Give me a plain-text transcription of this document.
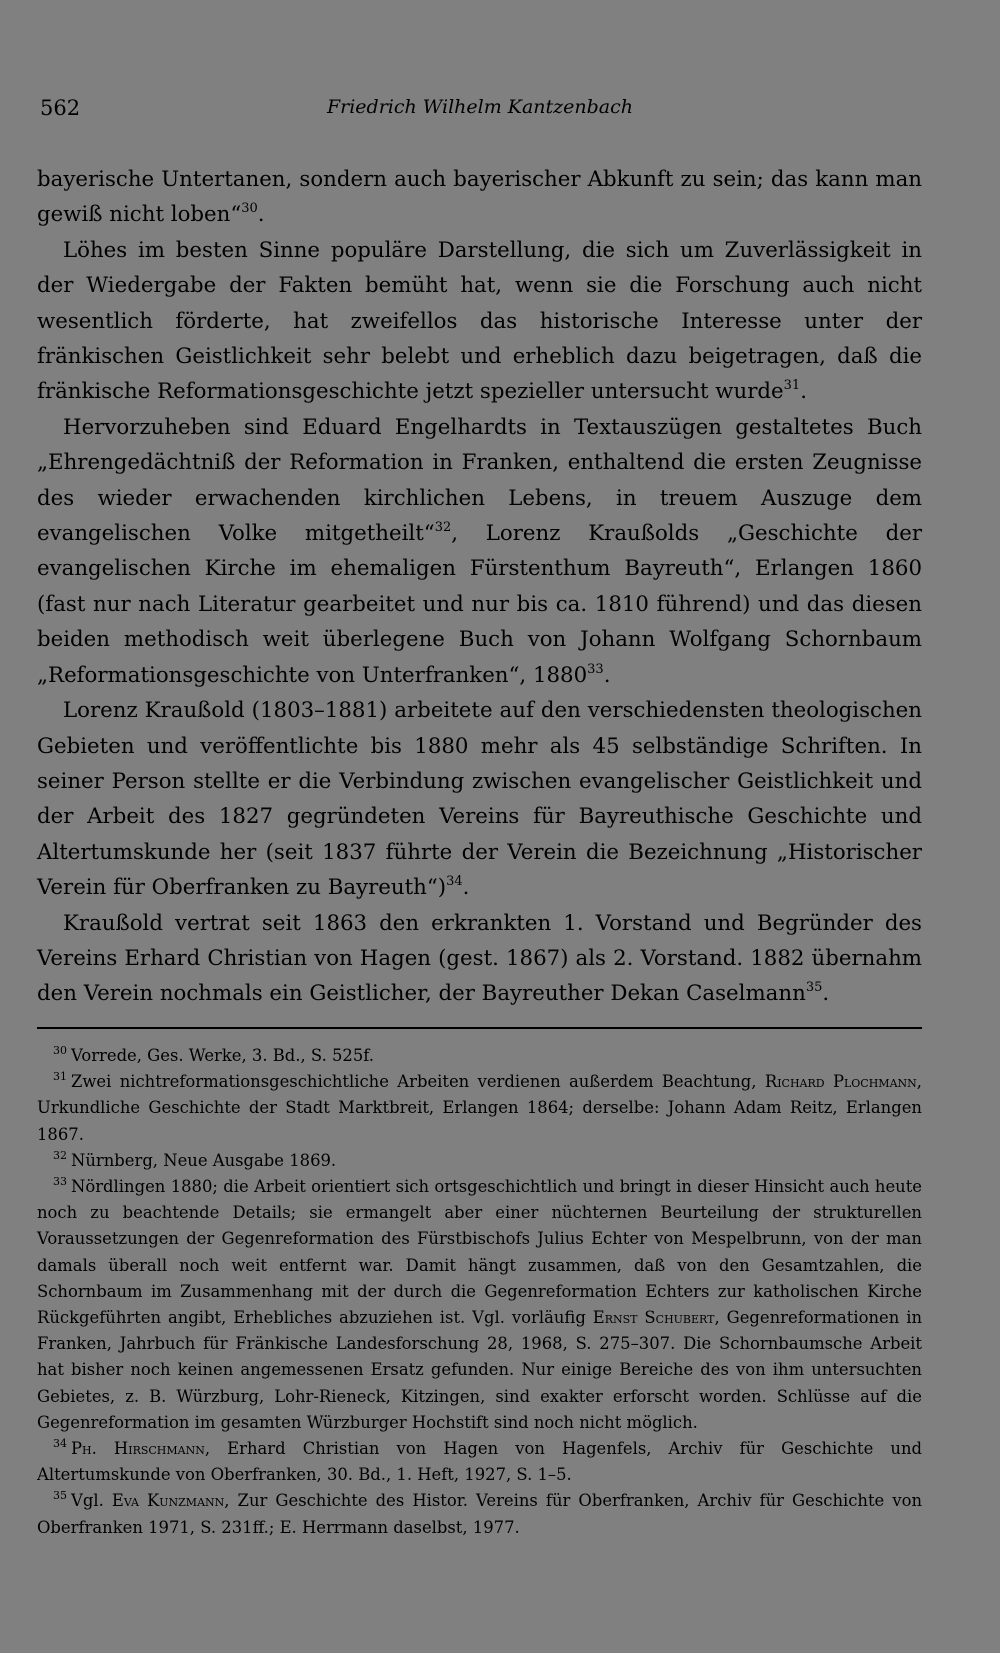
562	Friedrich Wilhelm Kantzenbach

bayerische Untertanen, sondern auch bayerischer Abkunft zu sein; das kann man gewiß nicht loben“$^{30}$.

Löhes im besten Sinne populäre Darstellung, die sich um Zuverlässigkeit in der Wiedergabe der Fakten bemüht hat, wenn sie die Forschung auch nicht wesentlich förderte, hat zweifellos das historische Interesse unter der fränkischen Geistlichkeit sehr belebt und erheblich dazu beigetragen, daß die fränkische Reformationsgeschichte jetzt spezieller untersucht wurde$^{31}$.

Hervorzuheben sind Eduard Engelhardts in Textauszügen gestaltetes Buch „Ehrengedächtniß der Reformation in Franken, enthaltend die ersten Zeugnisse des wieder erwachenden kirchlichen Lebens, in treuem Auszuge dem evangelischen Volke mitgetheilt“$^{32}$, Lorenz Kraußolds „Geschichte der evangelischen Kirche im ehemaligen Fürstenthum Bayreuth“, Erlangen 1860 (fast nur nach Literatur gearbeitet und nur bis ca. 1810 führend) und das diesen beiden methodisch weit überlegene Buch von Johann Wolfgang Schornbaum „Reformationsgeschichte von Unterfranken“, 1880$^{33}$.

Lorenz Kraußold (1803–1881) arbeitete auf den verschiedensten theologischen Gebieten und veröffentlichte bis 1880 mehr als 45 selbständige Schriften. In seiner Person stellte er die Verbindung zwischen evangelischer Geistlichkeit und der Arbeit des 1827 gegründeten Vereins für Bayreuthische Geschichte und Altertumskunde her (seit 1837 führte der Verein die Bezeichnung „Historischer Verein für Oberfranken zu Bayreuth“)$^{34}$.

Kraußold vertrat seit 1863 den erkrankten 1. Vorstand und Begründer des Vereins Erhard Christian von Hagen (gest. 1867) als 2. Vorstand. 1882 übernahm den Verein nochmals ein Geistlicher, der Bayreuther Dekan Caselmann$^{35}$.

$^{30}$ Vorrede, Ges. Werke, 3. Bd., S. 525f.

$^{31}$ Zwei nichtreformationsgeschichtliche Arbeiten verdienen außerdem Beachtung, Richard Plochmann, Urkundliche Geschichte der Stadt Marktbreit, Erlangen 1864; derselbe: Johann Adam Reitz, Erlangen 1867.

$^{32}$ Nürnberg, Neue Ausgabe 1869.

$^{33}$ Nördlingen 1880; die Arbeit orientiert sich ortsgeschichtlich und bringt in dieser Hinsicht auch heute noch zu beachtende Details; sie ermangelt aber einer nüchternen Beurteilung der strukturellen Voraussetzungen der Gegenreformation des Fürstbischofs Julius Echter von Mespelbrunn, von der man damals überall noch weit entfernt war. Damit hängt zusammen, daß von den Gesamtzahlen, die Schornbaum im Zusammenhang mit der durch die Gegenreformation Echters zur katholischen Kirche Rückgeführten angibt, Erhebliches abzuziehen ist. Vgl. vorläufig Ernst Schubert, Gegenreformationen in Franken, Jahrbuch für Fränkische Landesforschung 28, 1968, S. 275–307. Die Schornbaumsche Arbeit hat bisher noch keinen angemessenen Ersatz gefunden. Nur einige Bereiche des von ihm untersuchten Gebietes, z. B. Würzburg, Lohr-Rieneck, Kitzingen, sind exakter erforscht worden. Schlüsse auf die Gegenreformation im gesamten Würzburger Hochstift sind noch nicht möglich.

$^{34}$ Ph. Hirschmann, Erhard Christian von Hagen von Hagenfels, Archiv für Geschichte und Altertumskunde von Oberfranken, 30. Bd., 1. Heft, 1927, S. 1–5.

$^{35}$ Vgl. Eva Kunzmann, Zur Geschichte des Histor. Vereins für Oberfranken, Archiv für Geschichte von Oberfranken 1971, S. 231ff.; E. Herrmann daselbst, 1977.
